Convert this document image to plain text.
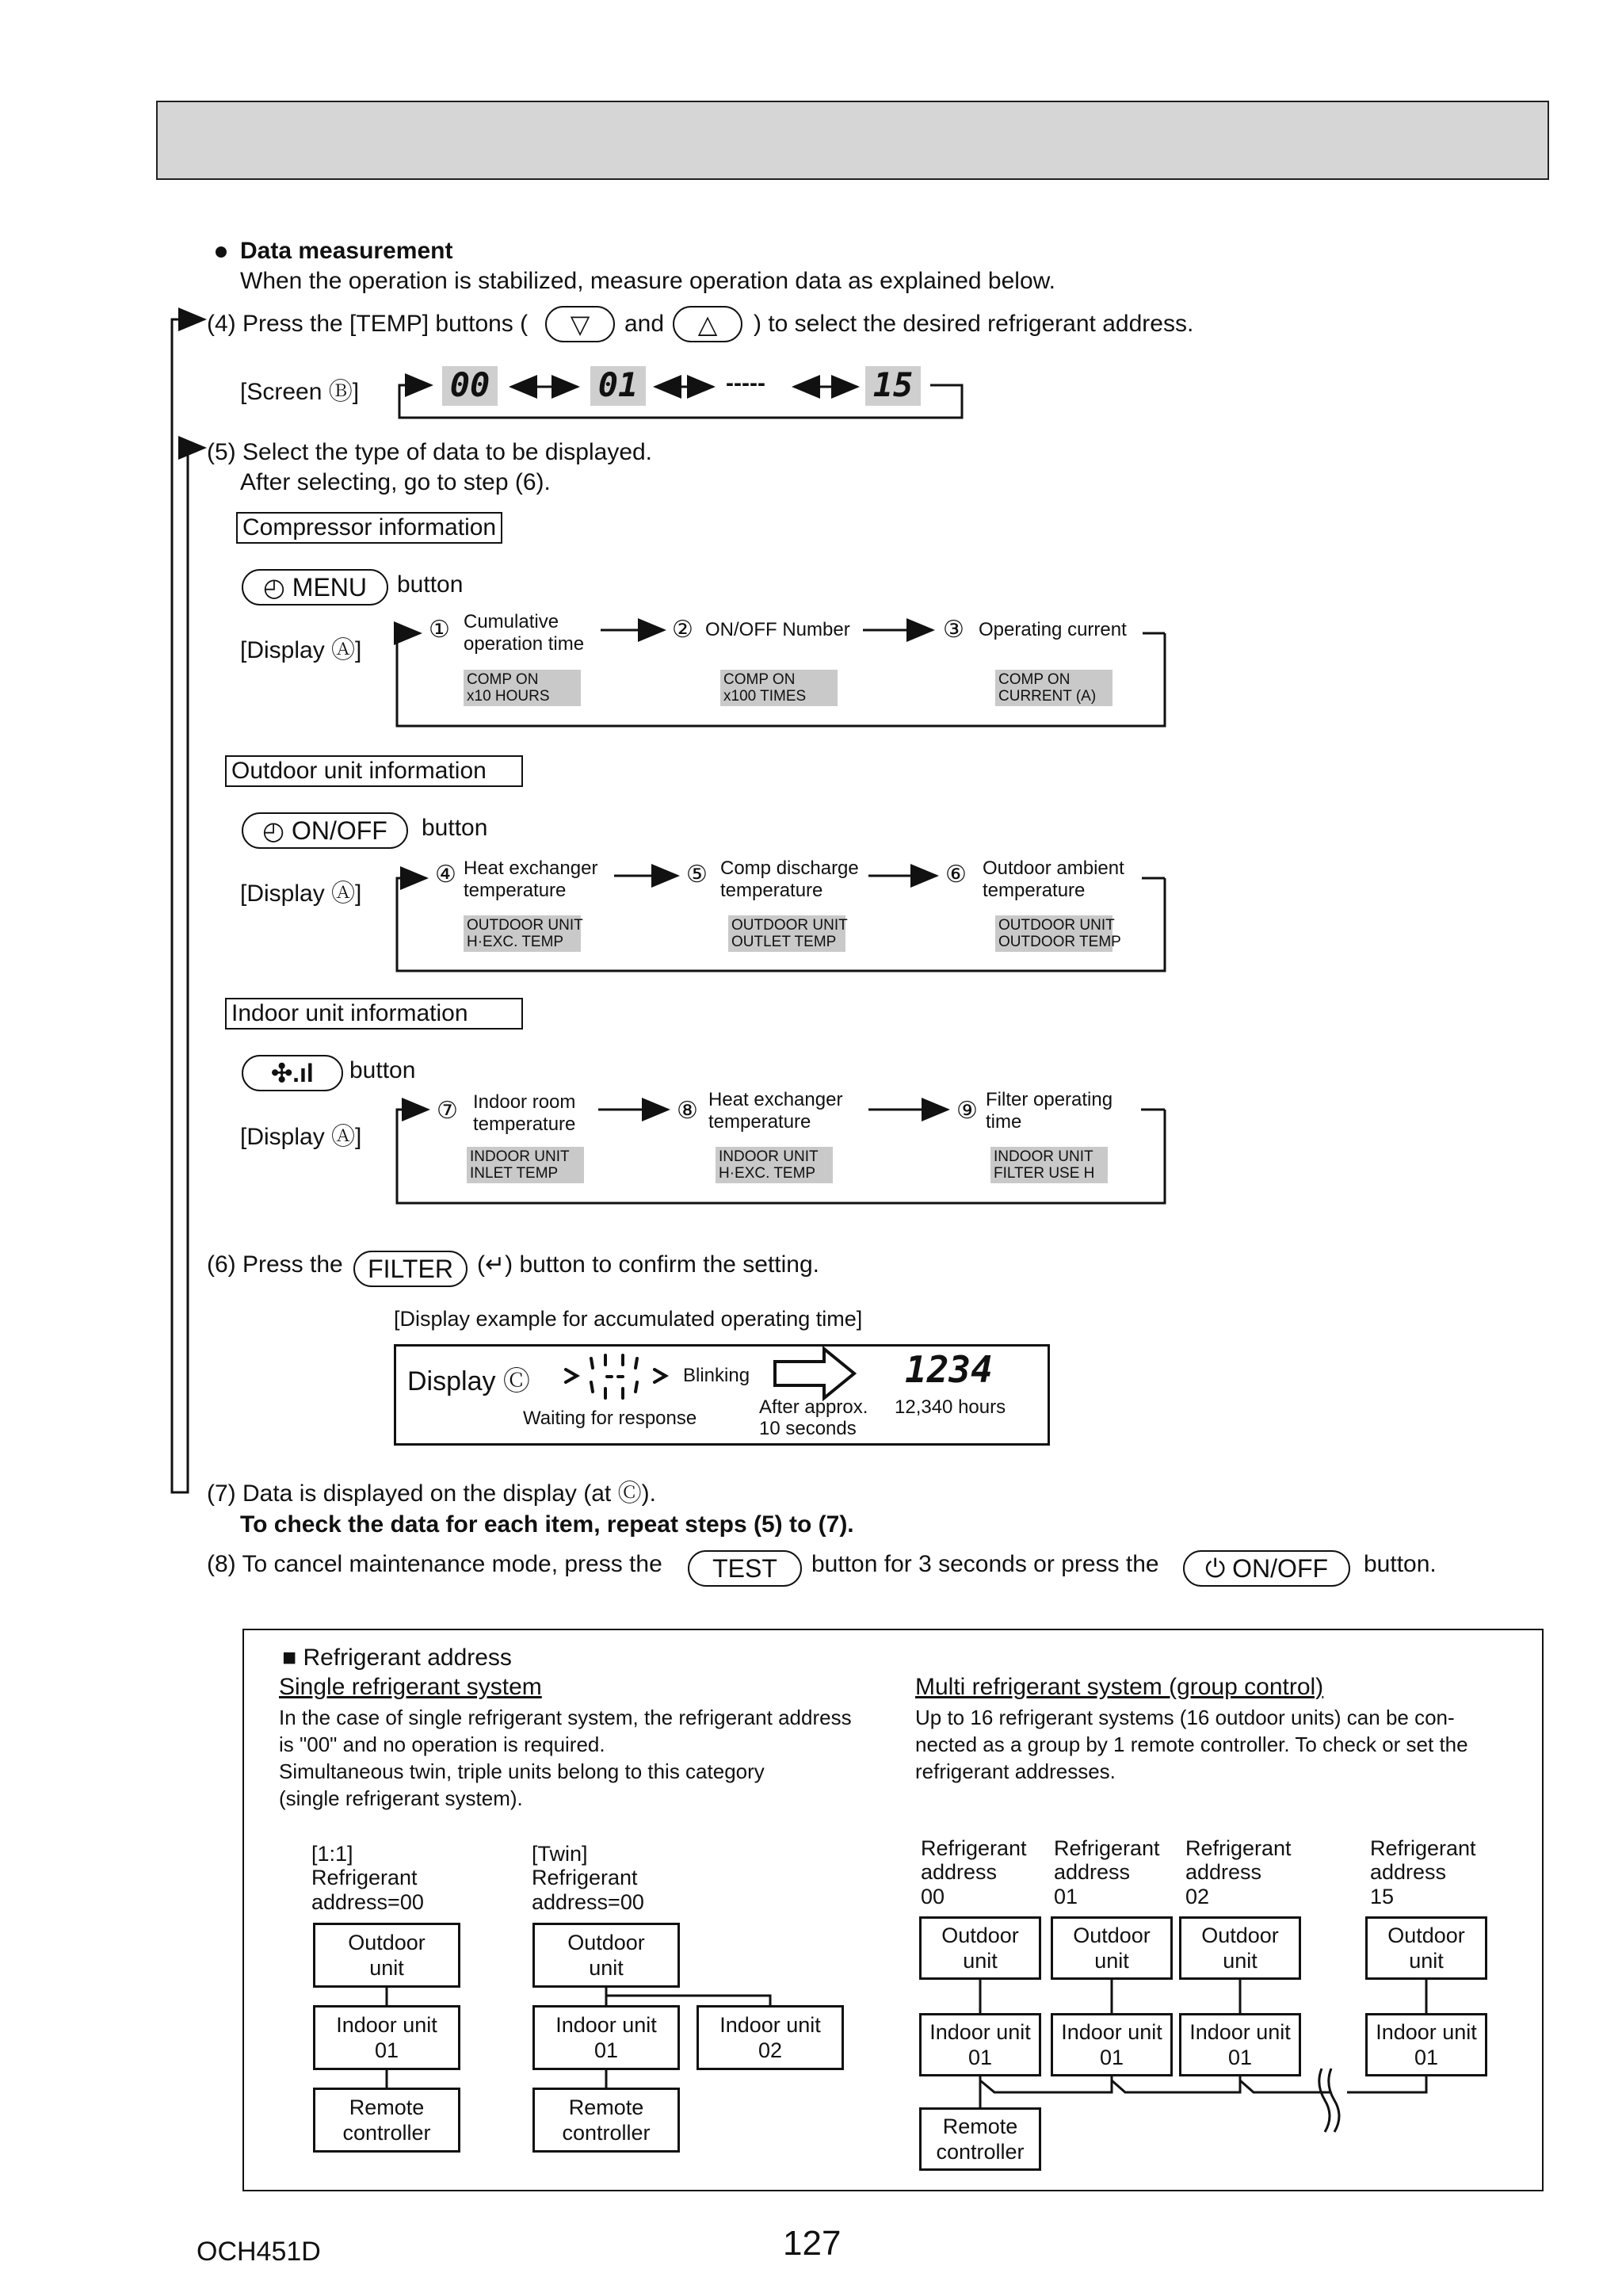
Data measurement
When the operation is stabilized, measure operation data as explained below.
(4) Press the [TEMP] buttons (	▽	and	△	) to select the desired refrigerant address.
[Screen Ⓑ]	00	01	-----	15
(5) Select the type of data to be displayed.
After selecting, go to step (6).
Compressor information
◴ MENU	button
[Display Ⓐ]
① Cumulative
operation time
② ON/OFF Number	③ Operating current
COMP ON
x10 HOURS
COMP ON
x100 TIMES
COMP ON
CURRENT (A)
Outdoor unit information
◴ ON/OFF	button
[Display Ⓐ]
④ Heat exchanger
temperature
⑤ Comp discharge
temperature
⑥ Outdoor ambient
temperature
OUTDOOR UNIT
H·EXC. TEMP
OUTDOOR UNIT
OUTLET TEMP
OUTDOOR UNIT
OUTDOOR TEMP
Indoor unit information
✣.ıl	button
[Display Ⓐ]
⑦ Indoor room
temperature
⑧ Heat exchanger
temperature	⑨ Filter operating
time
INDOOR UNIT
INLET TEMP
INDOOR UNIT
H·EXC. TEMP
INDOOR UNIT
FILTER USE H
(6) Press the FILTER	(↵) button to confirm the setting.
[Display example for accumulated operating time]
Display Ⓒ	Blinking
Waiting for response
After approx.
10 seconds
1234
12,340 hours
(7) Data is displayed on the display (at Ⓒ).
To check the data for each item, repeat steps (5) to (7).
(8) To cancel maintenance mode, press the	TEST	button for 3 seconds or press the	⏻ ON/OFF	button.
■ Refrigerant address
Single refrigerant system
In the case of single refrigerant system, the refrigerant address
is "00" and no operation is required.
Simultaneous twin, triple units belong to this category
(single refrigerant system).
Multi refrigerant system (group control)
Up to 16 refrigerant systems (16 outdoor units) can be con-
nected as a group by 1 remote controller. To check or set the
refrigerant addresses.
[1:1]
Refrigerant
address=00
Outdoor
unit
Indoor unit
01
Remote
controller
[Twin]
Refrigerant
address=00
Outdoor
unit
Indoor unit
01
Indoor unit
02
Remote
controller
Refrigerant
address
00
Refrigerant
address
01
Refrigerant
address
02
Refrigerant
address
15
Outdoor
unit
Outdoor
unit
Outdoor
unit
Outdoor
unit
Indoor unit
01
Indoor unit
01
Indoor unit
01
Indoor unit
01
Remote
controller
OCH451D	127
